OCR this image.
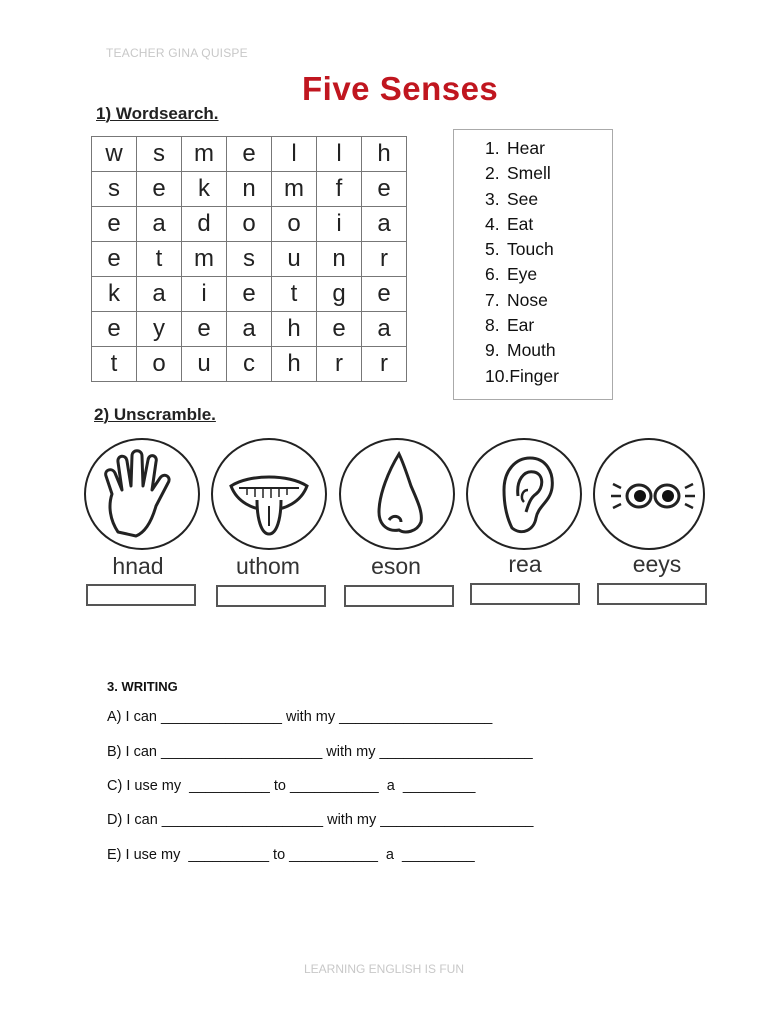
TEACHER GINA QUISPE
Five Senses
1) Wordsearch.
w	s	m	e	l	l	h
s	e	k	n	m	f	e
e	a	d	o	o	i	a
e	t	m	s	u	n	r
k	a	i	e	t	g	e
e	y	e	a	h	e	a
t	o	u	c	h	r	r
1. Hear
2. Smell
3. See
4. Eat
5. Touch
6. Eye
7. Nose
8. Ear
9. Mouth
10.Finger
2) Unscramble.
hnad	uthom	eson	rea	eeys
3. WRITING
A) I can _______________ with my ___________________
B) I can ____________________ with my ___________________
C) I use my  __________ to ___________  a  _________
D) I can ____________________ with my ___________________
E) I use my  __________ to ___________  a  _________
LEARNING ENGLISH IS FUN
